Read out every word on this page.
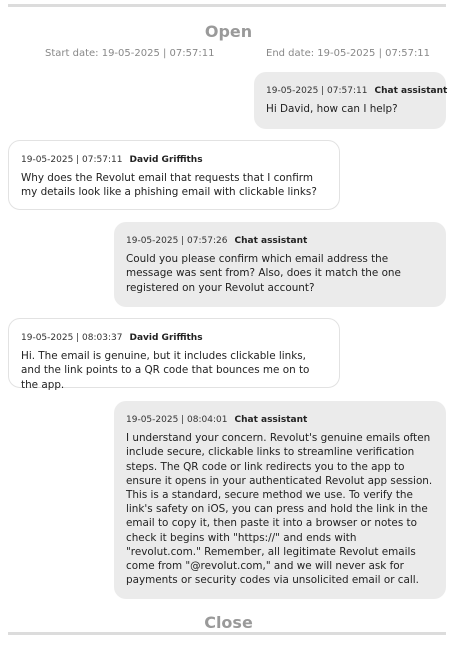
Open
Start date: 19-05-2025 | 07:57:11	End date: 19-05-2025 | 07:57:11
19-05-2025 | 07:57:11 Chat assistant
Hi David, how can I help?
19-05-2025 | 07:57:11 David Griffiths
Why does the Revolut email that requests that I confirm my details look like a phishing email with clickable links?
19-05-2025 | 07:57:26 Chat assistant
Could you please confirm which email address the message was sent from? Also, does it match the one registered on your Revolut account?
19-05-2025 | 08:03:37 David Griffiths
Hi. The email is genuine, but it includes clickable links, and the link points to a QR code that bounces me on to the app.
19-05-2025 | 08:04:01 Chat assistant
I understand your concern. Revolut's genuine emails often include secure, clickable links to streamline verification steps. The QR code or link redirects you to the app to ensure it opens in your authenticated Revolut app session. This is a standard, secure method we use. To verify the link's safety on iOS, you can press and hold the link in the email to copy it, then paste it into a browser or notes to check it begins with "https://" and ends with "revolut.com." Remember, all legitimate Revolut emails come from "@revolut.com," and we will never ask for payments or security codes via unsolicited email or call.
Close
